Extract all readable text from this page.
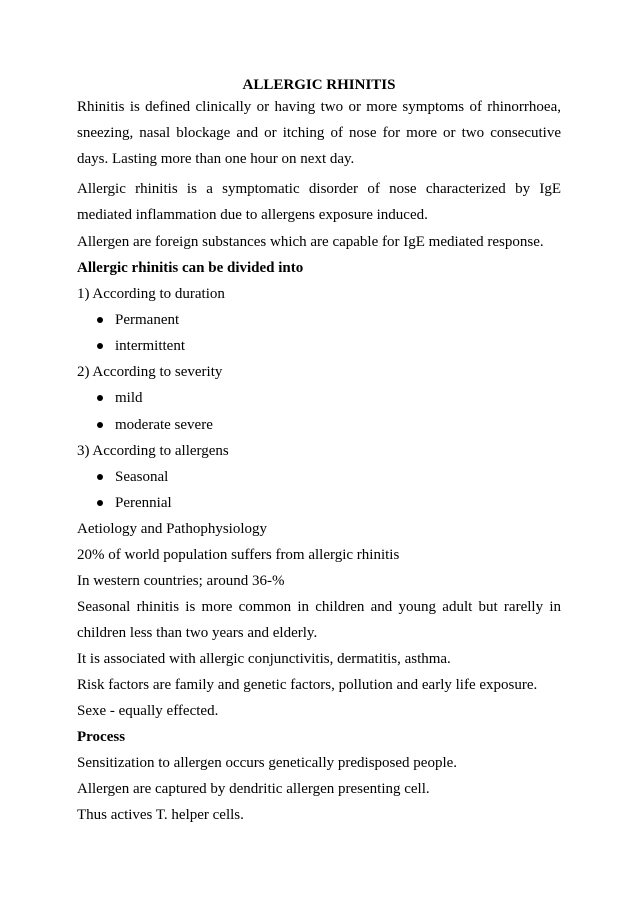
ALLERGIC RHINITIS
Rhinitis is defined clinically or having two or more symptoms of rhinorrhoea, sneezing, nasal blockage and or itching of nose for more or two consecutive days. Lasting more than one hour on next day.
Allergic rhinitis is a symptomatic disorder of nose characterized by IgE mediated inflammation due to allergens exposure induced.
Allergen are foreign substances which are capable for IgE mediated response.
Allergic rhinitis can be divided into
1) According to duration
Permanent
intermittent
2) According to severity
mild
moderate severe
3) According to allergens
Seasonal
Perennial
Aetiology and Pathophysiology
20% of world population suffers from allergic rhinitis
In western countries; around 36-%
Seasonal rhinitis is more common in children and young adult but rarelly in children less than two years and elderly.
It is associated with allergic conjunctivitis, dermatitis, asthma.
Risk factors are family and genetic factors, pollution and early life exposure.
Sexe - equally effected.
Process
Sensitization to allergen occurs genetically predisposed people.
Allergen are captured by dendritic allergen presenting cell.
Thus actives T. helper cells.
